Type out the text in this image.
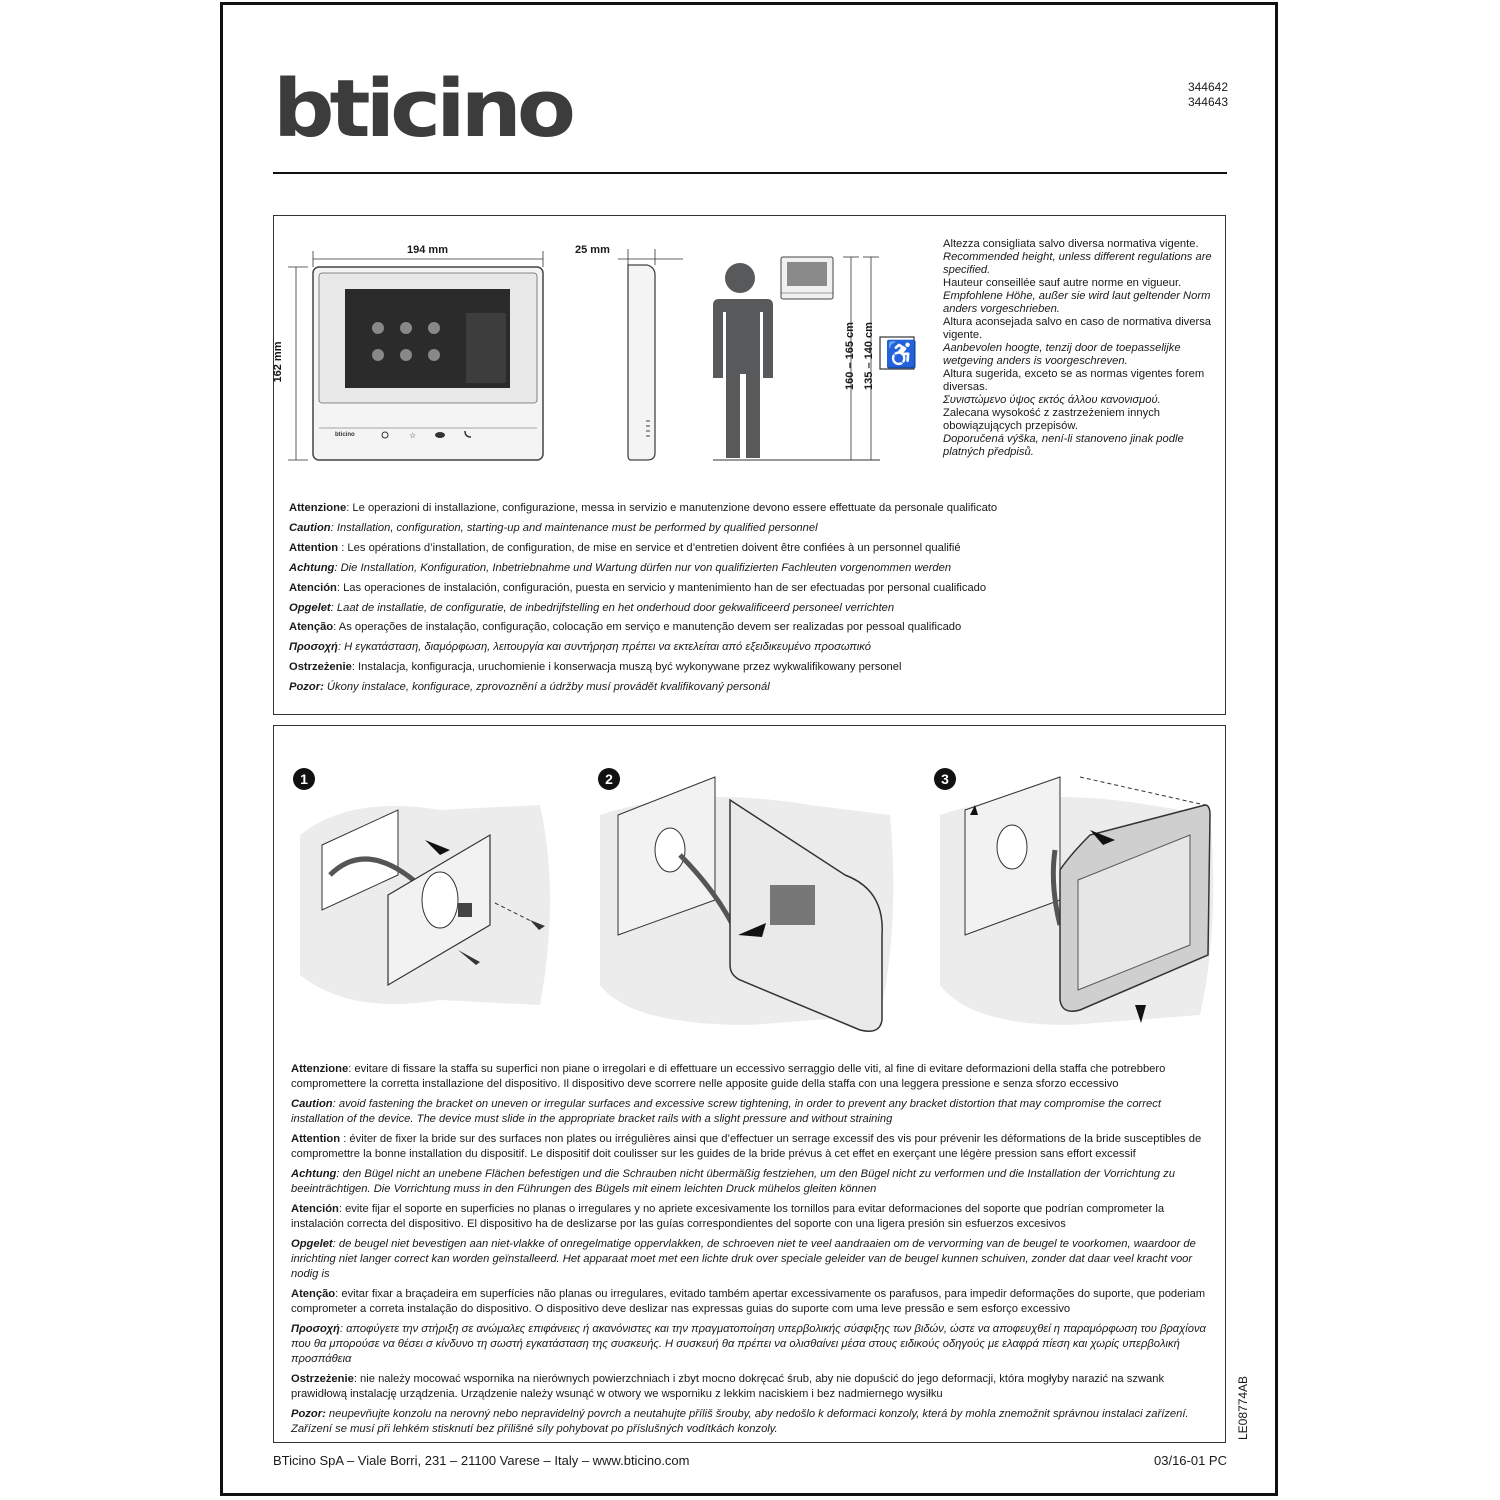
bticino	344642
344643
bticino	☆
♿
194 mm	25 mm
162 mm	160 – 165 cm 135 – 140 cm
Altezza consigliata salvo diversa normativa vigente.
Recommended height, unless different regulations are specified.
Hauteur conseillée sauf autre norme en vigueur.
Empfohlene Höhe, außer sie wird laut geltender Norm anders vorgeschrieben.
Altura aconsejada salvo en caso de normativa diversa vigente.
Aanbevolen hoogte, tenzij door de toepasselijke wetgeving anders is voorgeschreven.
Altura sugerida, exceto se as normas vigentes forem diversas.
Συνιστώμενο ύψος εκτός άλλου κανονισμού.
Zalecana wysokość z zastrzeżeniem innych obowiązujących przepisów.
Doporučená výška, není-li stanoveno jinak podle platných předpisů.
Attenzione: Le operazioni di installazione, configurazione, messa in servizio e manutenzione devono essere effettuate da personale qualificato
Caution: Installation, configuration, starting-up and maintenance must be performed by qualified personnel
Attention : Les opérations d’installation, de configuration, de mise en service et d’entretien doivent être confiées à un personnel qualifié
Achtung: Die Installation, Konfiguration, Inbetriebnahme und Wartung dürfen nur von qualifizierten Fachleuten vorgenommen werden
Atención: Las operaciones de instalación, configuración, puesta en servicio y mantenimiento han de ser efectuadas por personal cualificado
Opgelet: Laat de installatie, de configuratie, de inbedrijfstelling en het onderhoud door gekwalificeerd personeel verrichten
Atenção: As operações de instalação, configuração, colocação em serviço e manutenção devem ser realizadas por pessoal qualificado
Προσοχή: Η εγκατάσταση, διαμόρφωση, λειτουργία και συντήρηση πρέπει να εκτελείται από εξειδικευμένο προσωπικό
Ostrzeżenie: Instalacja, konfiguracja, uruchomienie i konserwacja muszą być wykonywane przez wykwalifikowany personel
Pozor: Úkony instalace, konfigurace, zprovoznění a údržby musí provádět kvalifikovaný personál
1	2	3
Attenzione: evitare di fissare la staffa su superfici non piane o irregolari e di effettuare un eccessivo serraggio delle viti, al fine di evitare deformazioni della staffa che potrebbero compromettere la corretta installazione del dispositivo. Il dispositivo deve scorrere nelle apposite guide della staffa con una leggera pressione e senza sforzo eccessivo
Caution: avoid fastening the bracket on uneven or irregular surfaces and excessive screw tightening, in order to prevent any bracket distortion that may compromise the correct installation of the device. The device must slide in the appropriate bracket rails with a slight pressure and without straining
Attention : éviter de fixer la bride sur des surfaces non plates ou irrégulières ainsi que d’effectuer un serrage excessif des vis pour prévenir les déformations de la bride susceptibles de compromettre la bonne installation du dispositif. Le dispositif doit coulisser sur les guides de la bride prévus à cet effet en exerçant une légère pression sans effort excessif
Achtung: den Bügel nicht an unebene Flächen befestigen und die Schrauben nicht übermäßig festziehen, um den Bügel nicht zu verformen und die Installation der Vorrichtung zu beeinträchtigen. Die Vorrichtung muss in den Führungen des Bügels mit einem leichten Druck mühelos gleiten können
Atención: evite fijar el soporte en superficies no planas o irregulares y no apriete excesivamente los tornillos para evitar deformaciones del soporte que podrían comprometer la instalación correcta del dispositivo. El dispositivo ha de deslizarse por las guías correspondientes del soporte con una ligera presión sin esfuerzos excesivos
Opgelet: de beugel niet bevestigen aan niet-vlakke of onregelmatige oppervlakken, de schroeven niet te veel aandraaien om de vervorming van de beugel te voorkomen, waardoor de inrichting niet langer correct kan worden geïnstalleerd. Het apparaat moet met een lichte druk over speciale geleider van de beugel kunnen schuiven, zonder dat daar veel kracht voor nodig is
Atenção: evitar fixar a braçadeira em superfícies não planas ou irregulares, evitado também apertar excessivamente os parafusos, para impedir deformações do suporte, que poderiam comprometer a correta instalação do dispositivo. O dispositivo deve deslizar nas expressas guias do suporte com uma leve pressão e sem esforço excessivo
Προσοχή: αποφύγετε την στήριξη σε ανώμαλες επιφάνειες ή ακανόνιστες και την πραγματοποίηση υπερβολικής σύσφιξης των βιδών, ώστε να αποφευχθεί η παραμόρφωση του βραχίονα που θα μπορούσε να θέσει σ κίνδυνο τη σωστή εγκατάσταση της συσκευής. Η συσκευή θα πρέπει να ολισθαίνει μέσα στους ειδικούς οδηγούς με ελαφρά πίεση και χωρίς υπερβολική προσπάθεια
Ostrzeżenie: nie należy mocować wspornika na nierównych powierzchniach i zbyt mocno dokręcać śrub, aby nie dopuścić do jego deformacji, która mogłyby narazić na szwank prawidłową instalację urządzenia. Urządzenie należy wsunąć w otwory we wsporniku z lekkim naciskiem i bez nadmiernego wysiłku
Pozor: neupevňujte konzolu na nerovný nebo nepravidelný povrch a neutahujte příliš šrouby, aby nedošlo k deformaci konzoly, která by mohla znemožnit správnou instalaci zařízení. Zařízení se musí při lehkém stisknutí bez přílišné síly pohybovat po příslušných vodítkách konzoly.	LE08774AB
BTicino SpA – Viale Borri, 231 – 21100 Varese – Italy – www.bticino.com	03/16-01 PC
